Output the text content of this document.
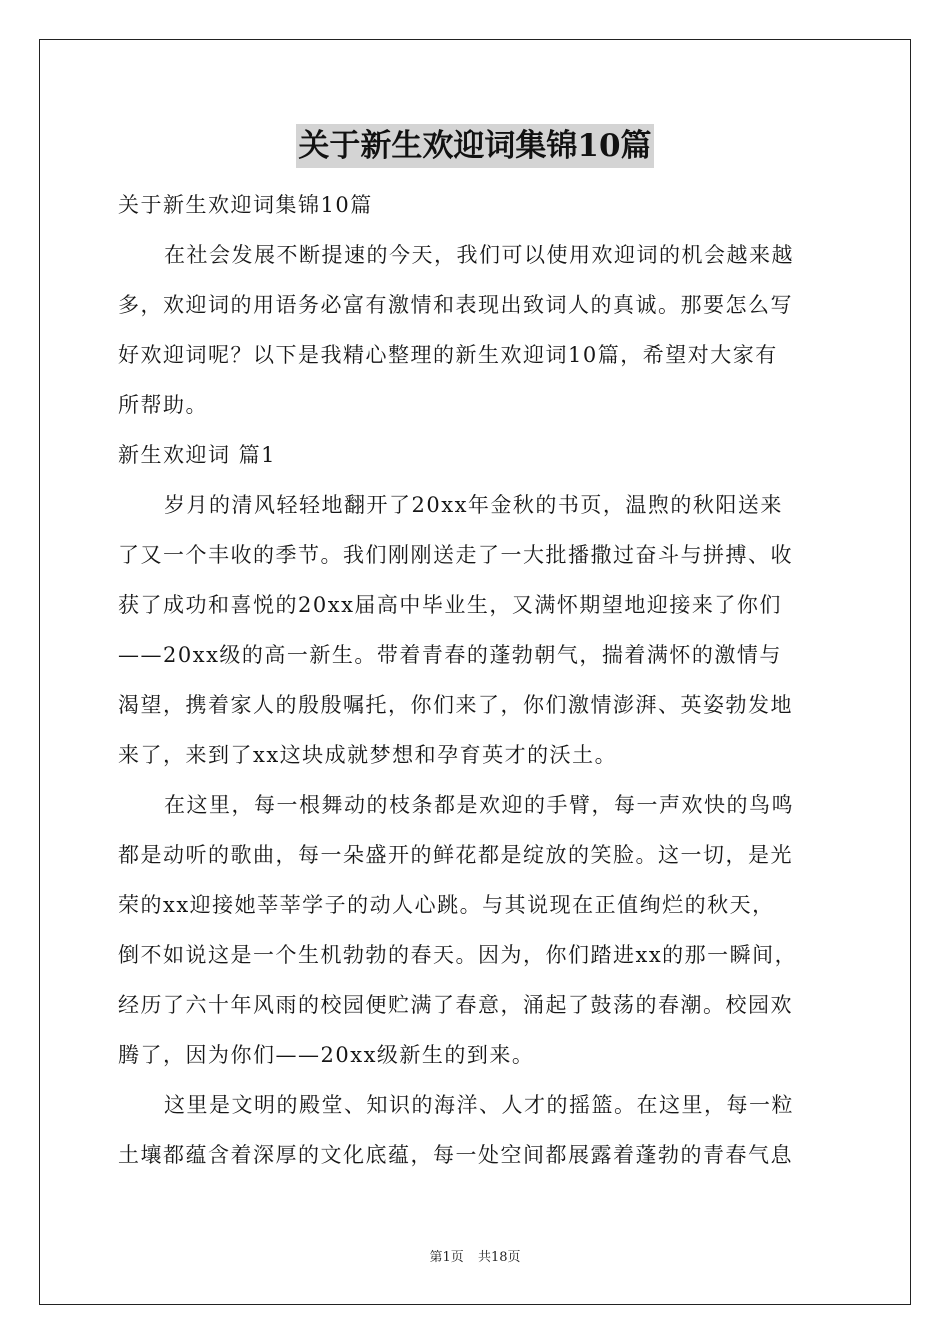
关于新生欢迎词集锦10篇
关于新生欢迎词集锦10篇
在社会发展不断提速的今天，我们可以使用欢迎词的机会越来越
多，欢迎词的用语务必富有激情和表现出致词人的真诚。那要怎么写
好欢迎词呢？以下是我精心整理的新生欢迎词10篇，希望对大家有
所帮助。
新生欢迎词 篇1
岁月的清风轻轻地翻开了20xx年金秋的书页，温煦的秋阳送来
了又一个丰收的季节。我们刚刚送走了一大批播撒过奋斗与拼搏、收
获了成功和喜悦的20xx届高中毕业生，又满怀期望地迎接来了你们
——20xx级的高一新生。带着青春的蓬勃朝气，揣着满怀的激情与
渴望，携着家人的殷殷嘱托，你们来了，你们激情澎湃、英姿勃发地
来了，来到了xx这块成就梦想和孕育英才的沃土。
在这里，每一根舞动的枝条都是欢迎的手臂，每一声欢快的鸟鸣
都是动听的歌曲，每一朵盛开的鲜花都是绽放的笑脸。这一切，是光
荣的xx迎接她莘莘学子的动人心跳。与其说现在正值绚烂的秋天，
倒不如说这是一个生机勃勃的春天。因为，你们踏进xx的那一瞬间，
经历了六十年风雨的校园便贮满了春意，涌起了鼓荡的春潮。校园欢
腾了，因为你们——20xx级新生的到来。
这里是文明的殿堂、知识的海洋、人才的摇篮。在这里，每一粒
土壤都蕴含着深厚的文化底蕴，每一处空间都展露着蓬勃的青春气息
第1页 共18页
